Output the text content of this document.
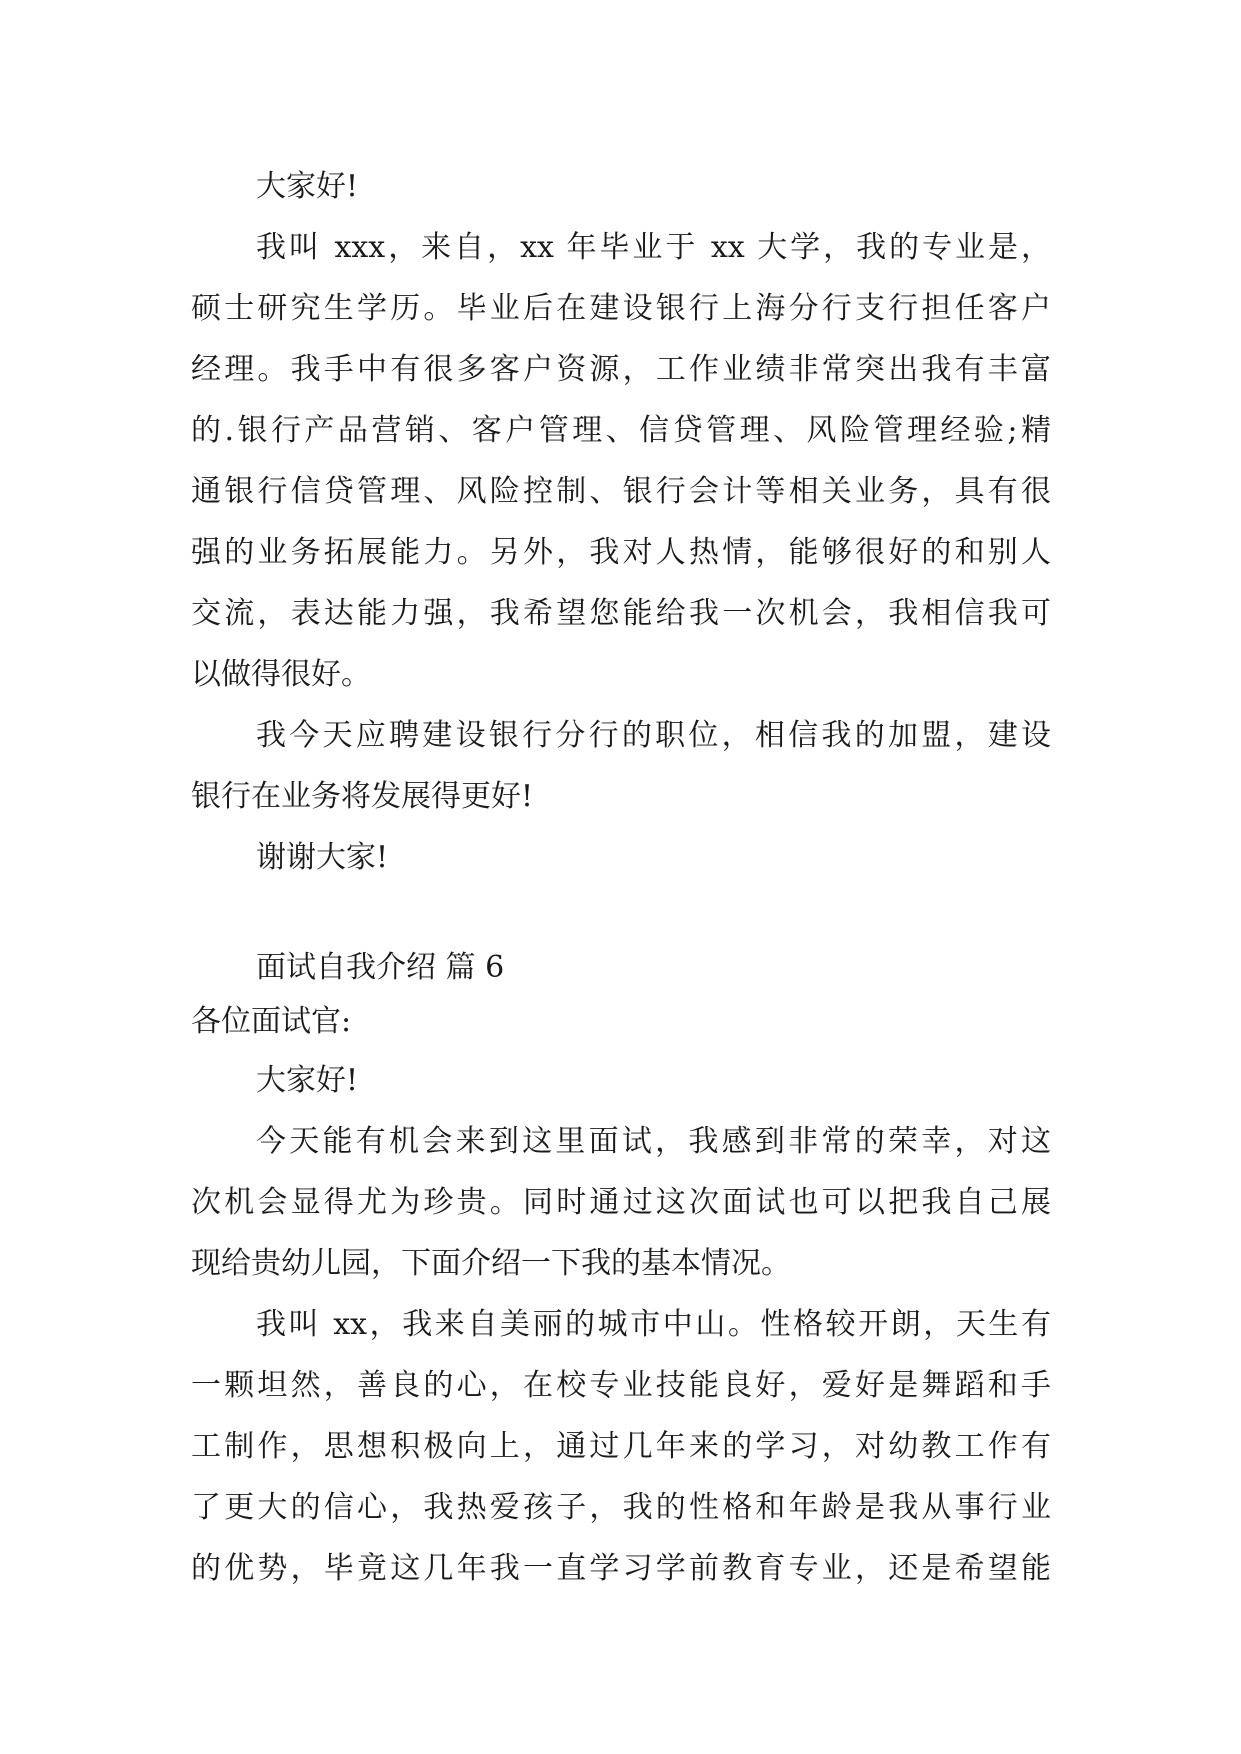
大家好!
我叫 xxx，来自，xx 年毕业于 xx 大学，我的专业是，
硕士研究生学历。毕业后在建设银行上海分行支行担任客户
经理。我手中有很多客户资源，工作业绩非常突出我有丰富
的.银行产品营销、客户管理、信贷管理、风险管理经验;精
通银行信贷管理、风险控制、银行会计等相关业务，具有很
强的业务拓展能力。另外，我对人热情，能够很好的和别人
交流，表达能力强，我希望您能给我一次机会，我相信我可
以做得很好。
我今天应聘建设银行分行的职位，相信我的加盟，建设
银行在业务将发展得更好!
谢谢大家!
面试自我介绍 篇 6
各位面试官:
大家好!
今天能有机会来到这里面试，我感到非常的荣幸，对这
次机会显得尤为珍贵。同时通过这次面试也可以把我自己展
现给贵幼儿园，下面介绍一下我的基本情况。
我叫 xx，我来自美丽的城市中山。性格较开朗，天生有
一颗坦然，善良的心，在校专业技能良好，爱好是舞蹈和手
工制作，思想积极向上，通过几年来的学习，对幼教工作有
了更大的信心，我热爱孩子，我的性格和年龄是我从事行业
的优势，毕竟这几年我一直学习学前教育专业，还是希望能
